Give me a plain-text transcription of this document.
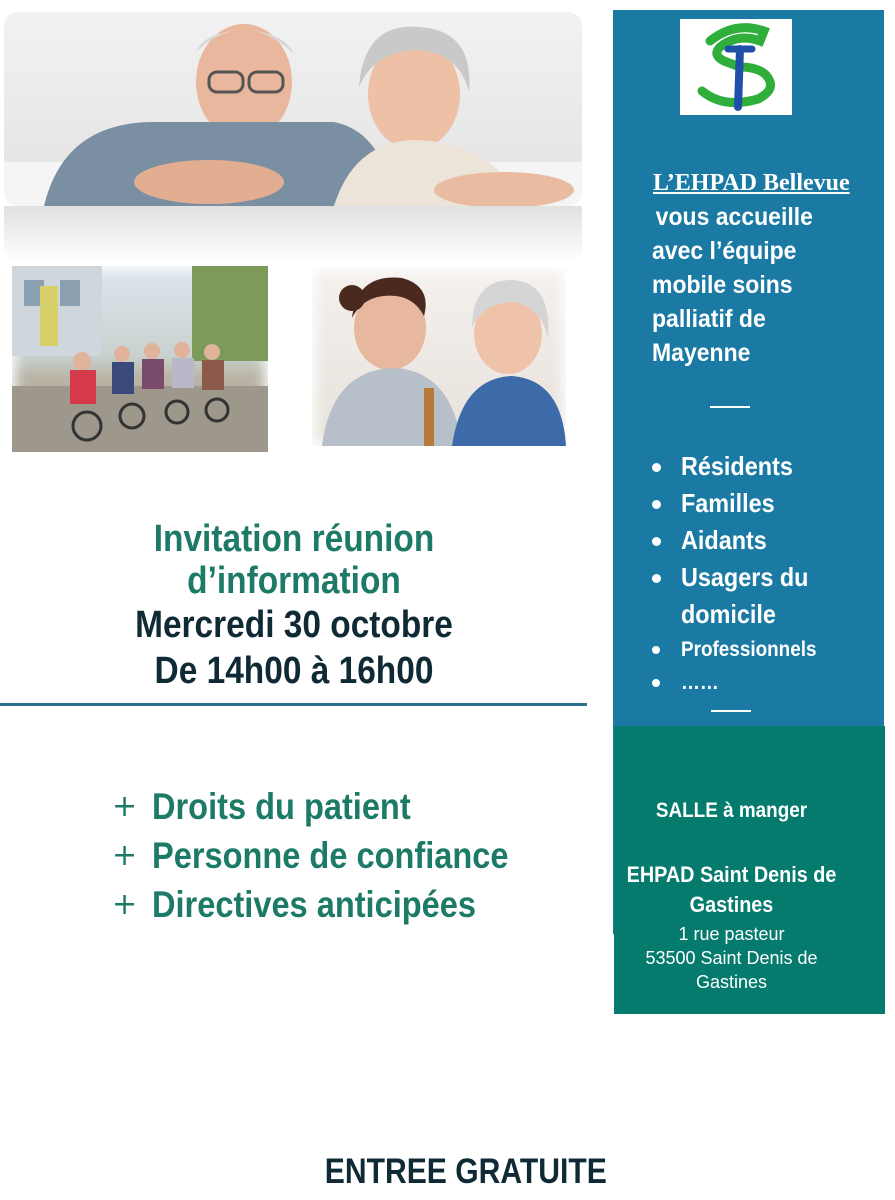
Invitation réunion
d’information
Mercredi 30 octobre
De 14h00 à 16h00
+ Droits du patient
+ Personne de confiance
+ Directives anticipées
ENTREE GRATUITE
L’EHPAD Bellevue
vous accueille
avec l’équipe
mobile soins
palliatif de
Mayenne
Résidents
Familles
Aidants
Usagers du
domicile
Professionnels
……
SALLE à manger
EHPAD Saint Denis de
Gastines
1 rue pasteur
53500 Saint Denis de
Gastines
